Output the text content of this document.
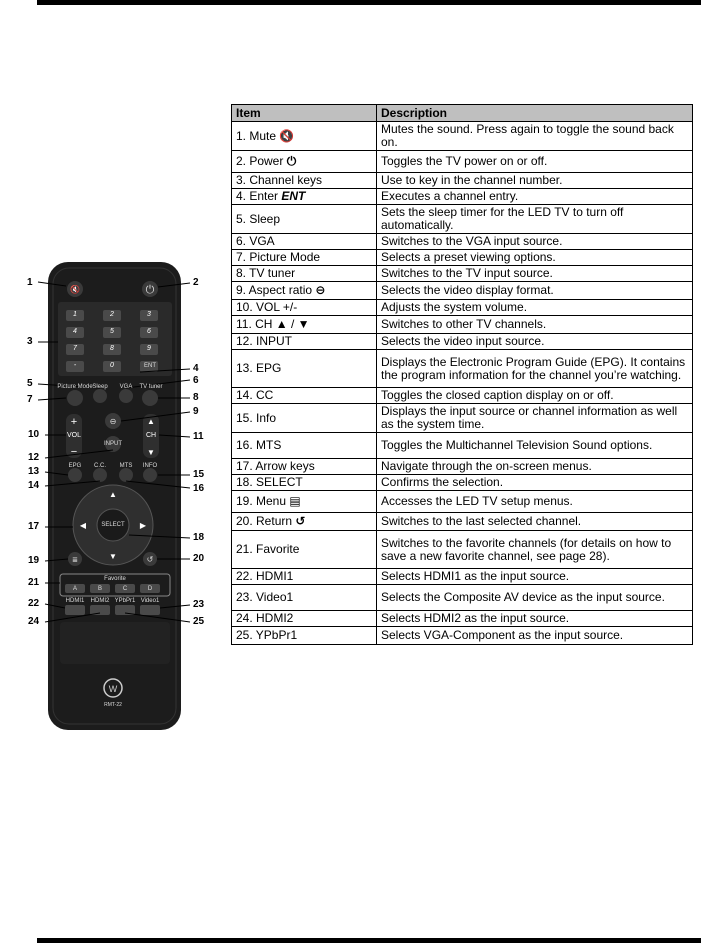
🔇	⏻
⊖
+
−
▲
▼
▲
▼
◀	▶
≣	↺
W
1	2	3
4	5	6
7	8	9
-	0
Picture Mode Sleep
ENT
VGA	TV tuner
VOL	CH
INPUT
EPG	C.C.	MTS	INFO
SELECT
Favorite
A	B	C	D
HDMI1	HDMI2 YPbPr1 Video1
RMT-22
1	2
3
4
5	6
7	8
9
10	11
12
13
14
15
16
17
18
19	20
21
22	23
24	25
Item	Description
1. Mute 🔇	Mutes the sound. Press again to toggle the sound back on.
2. Power ⏻	Toggles the TV power on or off.
3. Channel keys	Use to key in the channel number.
4. Enter ENT	Executes a channel entry.
5. Sleep	Sets the sleep timer for the LED TV to turn off automatically.
6. VGA	Switches to the VGA input source.
7. Picture Mode	Selects a preset viewing options.
8. TV tuner	Switches to the TV input source.
9. Aspect ratio ⊖	Selects the video display format.
10. VOL +/-	Adjusts the system volume.
11. CH ▲ / ▼	Switches to other TV channels.
12. INPUT	Selects the video input source.
13. EPG	Displays the Electronic Program Guide (EPG). It contains the program information for the channel you’re watching.
14. CC	Toggles the closed caption display on or off.
15. Info	Displays the input source or channel information as well as the system time.
16. MTS	Toggles the Multichannel Television Sound options.
17. Arrow keys	Navigate through the on-screen menus.
18. SELECT	Confirms the selection.
19. Menu ▤	Accesses the LED TV setup menus.
20. Return ↺	Switches to the last selected channel.
21. Favorite	Switches to the favorite channels (for details on how to save a new favorite channel, see page 28).
22. HDMI1	Selects HDMI1 as the input source.
23. Video1	Selects the Composite AV device as the input source.
24. HDMI2	Selects HDMI2 as the input source.
25. YPbPr1	Selects VGA-Component as the input source.
